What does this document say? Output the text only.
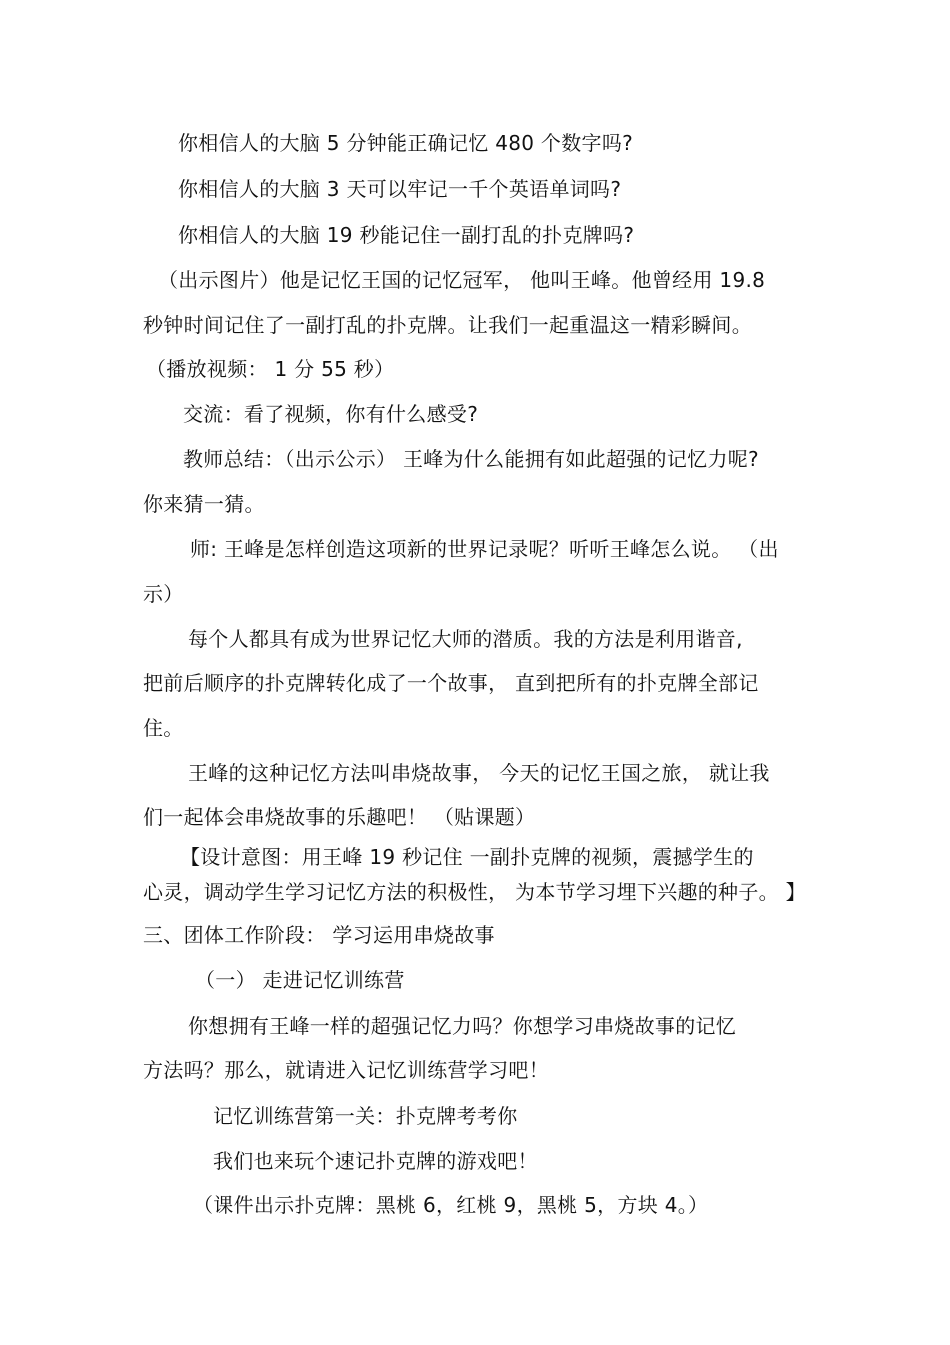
你相信人的大脑 5 分钟能正确记忆 480 个数字吗?
你相信人的大脑 3 天可以牢记一千个英语单词吗?
你相信人的大脑 19 秒能记住一副打乱的扑克牌吗?
（出示图片）他是记忆王国的记忆冠军， 他叫王峰。他曾经用 19.8
秒钟时间记住了一副打乱的扑克牌。让我们一起重温这一精彩瞬间。
（播放视频： 1 分 55 秒）
交流：看了视频，你有什么感受?
教师总结：（出示公示） 王峰为什么能拥有如此超强的记忆力呢?
你来猜一猜。
师: 王峰是怎样创造这项新的世界记录呢？听听王峰怎么说。 （出
示）
每个人都具有成为世界记忆大师的潜质。我的方法是利用谐音,
把前后顺序的扑克牌转化成了一个故事， 直到把所有的扑克牌全部记
住。
王峰的这种记忆方法叫串烧故事， 今天的记忆王国之旅， 就让我
们一起体会串烧故事的乐趣吧！ （贴课题）
【设计意图：用王峰 19 秒记住 一副扑克牌的视频，震撼学生的
心灵，调动学生学习记忆方法的积极性， 为本节学习埋下兴趣的种子。 】
三、团体工作阶段： 学习运用串烧故事
（一） 走进记忆训练营
你想拥有王峰一样的超强记忆力吗？你想学习串烧故事的记忆
方法吗？那么，就请进入记忆训练营学习吧！
记忆训练营第一关：扑克牌考考你
我们也来玩个速记扑克牌的游戏吧！
（课件出示扑克牌：黑桃 6，红桃 9，黑桃 5，方块 4。）
